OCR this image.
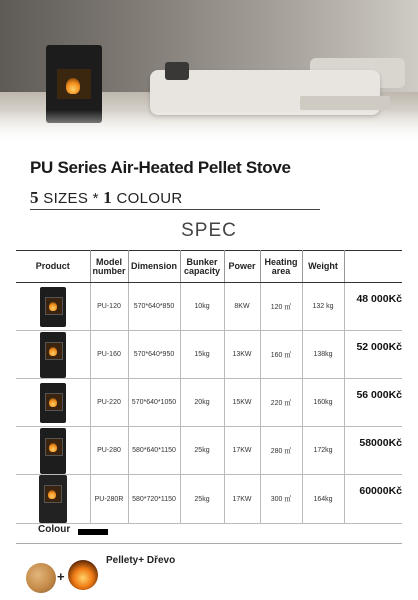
PU Series Air-Heated Pellet Stove
5 SIZES * 1 COLOUR
SPEC
Product	Model number	Dimension	Bunker capacity	Power	Heating area	Weight	

	PU-120	570*640*850	10kg	8KW	120 ㎡	132 kg	48 000Kč

	PU-160	570*640*950	15kg	13KW	160 ㎡	138kg	52 000Kč

	PU-220	570*640*1050	20kg	15KW	220 ㎡	160kg	56 000Kč

	PU-280	580*640*1150	25kg	17KW	280 ㎡	172kg	58000Kč

	PU-280R	580*720*1150	25kg	17KW	300 ㎡	164kg	60000Kč
Colour
+
Pellety+ Dřevo
